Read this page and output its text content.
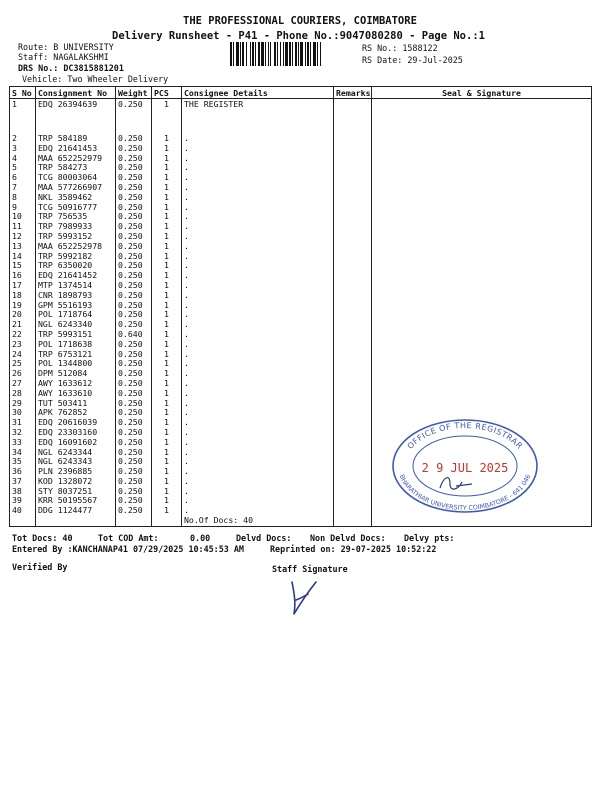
THE PROFESSIONAL COURIERS, COIMBATORE
Delivery Runsheet - P41 - Phone No.:9047080280 - Page No.:1
Route: B UNIVERSITY
Staff: NAGALAKSHMI
DRS No.: DC3815881201
RS No.: 1588122
RS Date: 29-Jul-2025
Vehicle: Two Wheeler Delivery
S No	Consignment No	Weight	PCS	Consignee Details	Remarks	Seal & Signature
1	EDQ 26394639	0.250	1	THE REGISTER		
2	TRP 584189	0.250	1	.		
3	EDQ 21641453	0.250	1	.		
4	MAA 652252979	0.250	1	.		
5	TRP 584273	0.250	1	.		
6	TCG 80003064	0.250	1	.		
7	MAA 577266907	0.250	1	.		
8	NKL 3589462	0.250	1	.		
9	TCG 50916777	0.250	1	.		
10	TRP 756535	0.250	1	.		
11	TRP 7989933	0.250	1	.		
12	TRP 5993152	0.250	1	.		
13	MAA 652252978	0.250	1	.		
14	TRP 5992182	0.250	1	.		
15	TRP 6350020	0.250	1	.		
16	EDQ 21641452	0.250	1	.		
17	MTP 1374514	0.250	1	.		
18	CNR 1898793	0.250	1	.		
19	GPM 5516193	0.250	1	.		
20	POL 1718764	0.250	1	.		
21	NGL 6243340	0.250	1	.		
22	TRP 5993151	0.640	1	.		
23	POL 1718638	0.250	1	.		
24	TRP 6753121	0.250	1	.		
25	POL 1344800	0.250	1	.		
26	DPM 512084	0.250	1	.		
27	AWY 1633612	0.250	1	.		
28	AWY 1633610	0.250	1	.		
29	TUT 503411	0.250	1	.		
30	APK 762852	0.250	1	.		
31	EDQ 20616039	0.250	1	.		
32	EDQ 23303160	0.250	1	.		
33	EDQ 16091602	0.250	1	.		
34	NGL 6243344	0.250	1	.		
35	NGL 6243343	0.250	1	.		
36	PLN 2396885	0.250	1	.		
37	KOD 1328072	0.250	1	.		
38	STY 8037251	0.250	1	.		
39	KRR 50195567	0.250	1	.		
40	DDG 1124477	0.250	1	.		
				No.Of Docs: 40		
Tot Docs: 40	Tot COD Amt:	0.00	Delvd Docs: Non Delvd Docs: Delvy pts:
Entered By :KANCHANAP41 07/29/2025 10:45:53 AM	Reprinted on: 29-07-2025 10:52:22
Verified By	Staff Signature
OFFICE OF THE REGISTRAR
BHARATHIAR UNIVERSITY COIMBATORE - 641 046
2 9 JUL 2025
